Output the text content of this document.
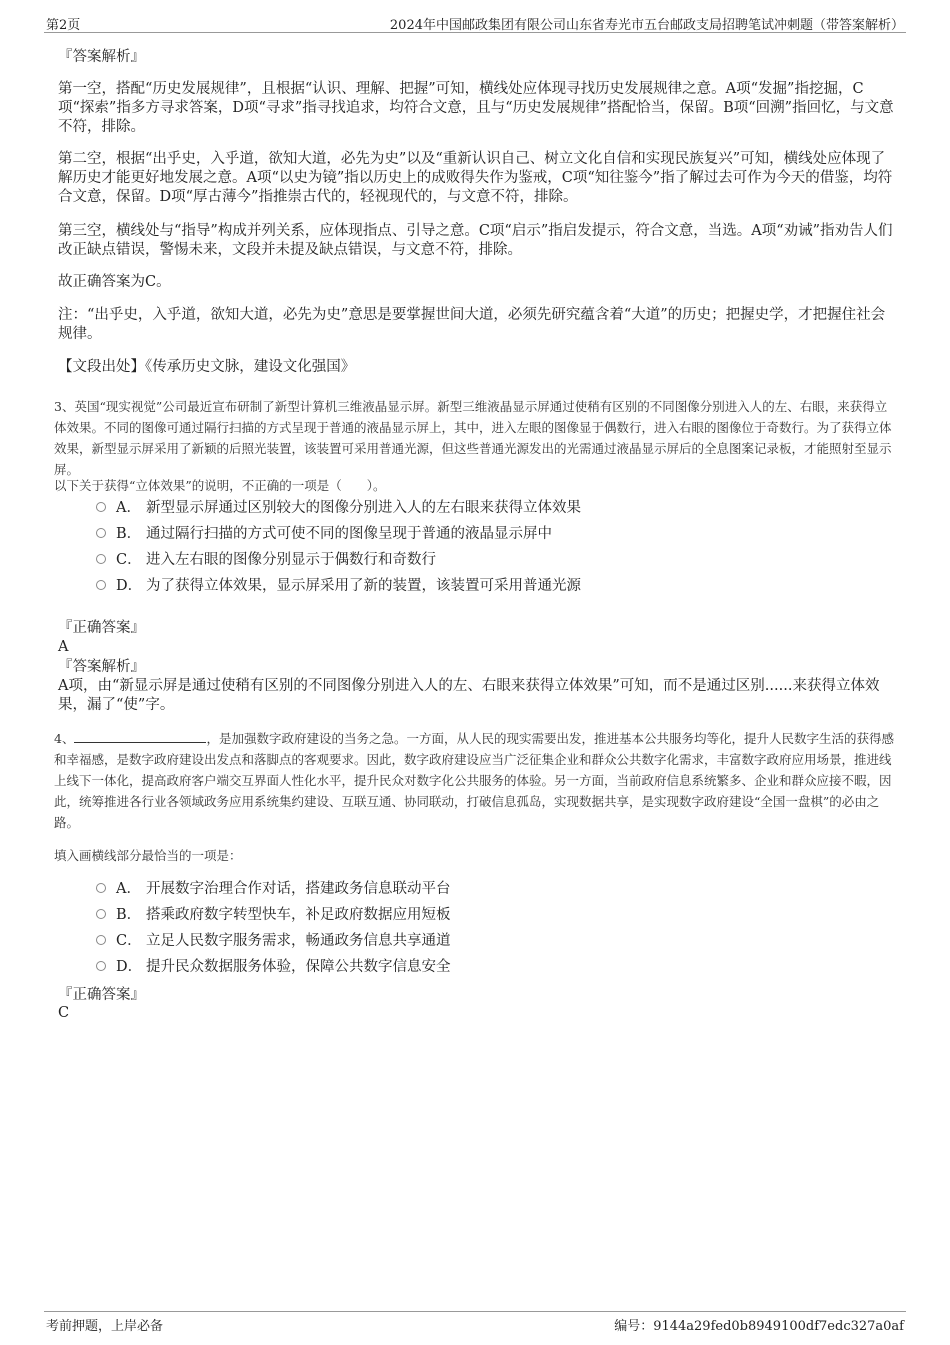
第2页	2024年中国邮政集团有限公司山东省寿光市五台邮政支局招聘笔试冲刺题（带答案解析）

『答案解析』

第一空，搭配“历史发展规律”，且根据“认识、理解、把握”可知，横线处应体现寻找历史发展规律之意。A项“发掘”指挖掘，C项“探索”指多方寻求答案，D项“寻求”指寻找追求，均符合文意，且与“历史发展规律”搭配恰当，保留。B项“回溯”指回忆，与文意不符，排除。

第二空，根据“出乎史，入乎道，欲知大道，必先为史”以及“重新认识自己、树立文化自信和实现民族复兴”可知，横线处应体现了解历史才能更好地发展之意。A项“以史为镜”指以历史上的成败得失作为鉴戒，C项“知往鉴今”指了解过去可作为今天的借鉴，均符合文意，保留。D项“厚古薄今”指推崇古代的，轻视现代的，与文意不符，排除。

第三空，横线处与“指导”构成并列关系，应体现指点、引导之意。C项“启示”指启发提示，符合文意，当选。A项“劝诫”指劝告人们改正缺点错误，警惕未来，文段并未提及缺点错误，与文意不符，排除。

故正确答案为C。

注：“出乎史，入乎道，欲知大道，必先为史”意思是要掌握世间大道，必须先研究蕴含着“大道”的历史；把握史学，才把握住社会规律。

【文段出处】《传承历史文脉，建设文化强国》

3、英国“现实视觉”公司最近宣布研制了新型计算机三维液晶显示屏。新型三维液晶显示屏通过使稍有区别的不同图像分别进入人的左、右眼，来获得立体效果。不同的图像可通过隔行扫描的方式呈现于普通的液晶显示屏上，其中，进入左眼的图像显于偶数行，进入右眼的图像位于奇数行。为了获得立体效果，新型显示屏采用了新颖的后照光装置，该装置可采用普通光源，但这些普通光源发出的光需通过液晶显示屏后的全息图案记录板，才能照射至显示屏。
以下关于获得“立体效果”的说明，不正确的一项是（　　）。
A． 新型显示屏通过区别较大的图像分别进入人的左右眼来获得立体效果
B． 通过隔行扫描的方式可使不同的图像呈现于普通的液晶显示屏中
C． 进入左右眼的图像分别显示于偶数行和奇数行
D． 为了获得立体效果，显示屏采用了新的装置，该装置可采用普通光源

『正确答案』

A

『答案解析』

A项，由“新显示屏是通过使稍有区别的不同图像分别进入人的左、右眼来获得立体效果”可知，而不是通过区别......来获得立体效果，漏了“使”字。

4、	，是加强数字政府建设的当务之急。一方面，从人民的现实需要出发，推进基本公共服务均等化，提升人民数字生活的获得感和幸福感，是数字政府建设出发点和落脚点的客观要求。因此，数字政府建设应当广泛征集企业和群众公共数字化需求，丰富数字政府应用场景，推进线上线下一体化，提高政府客户端交互界面人性化水平，提升民众对数字化公共服务的体验。另一方面，当前政府信息系统繁多、企业和群众应接不暇，因此，统筹推进各行业各领域政务应用系统集约建设、互联互通、协同联动，打破信息孤岛，实现数据共享，是实现数字政府建设“全国一盘棋”的必由之路。
填入画横线部分最恰当的一项是：
A． 开展数字治理合作对话，搭建政务信息联动平台
B． 搭乘政府数字转型快车，补足政府数据应用短板
C． 立足人民数字服务需求，畅通政务信息共享通道
D． 提升民众数据服务体验，保障公共数字信息安全

『正确答案』

C

考前押题，上岸必备	编号：9144a29fed0b8949100df7edc327a0af
